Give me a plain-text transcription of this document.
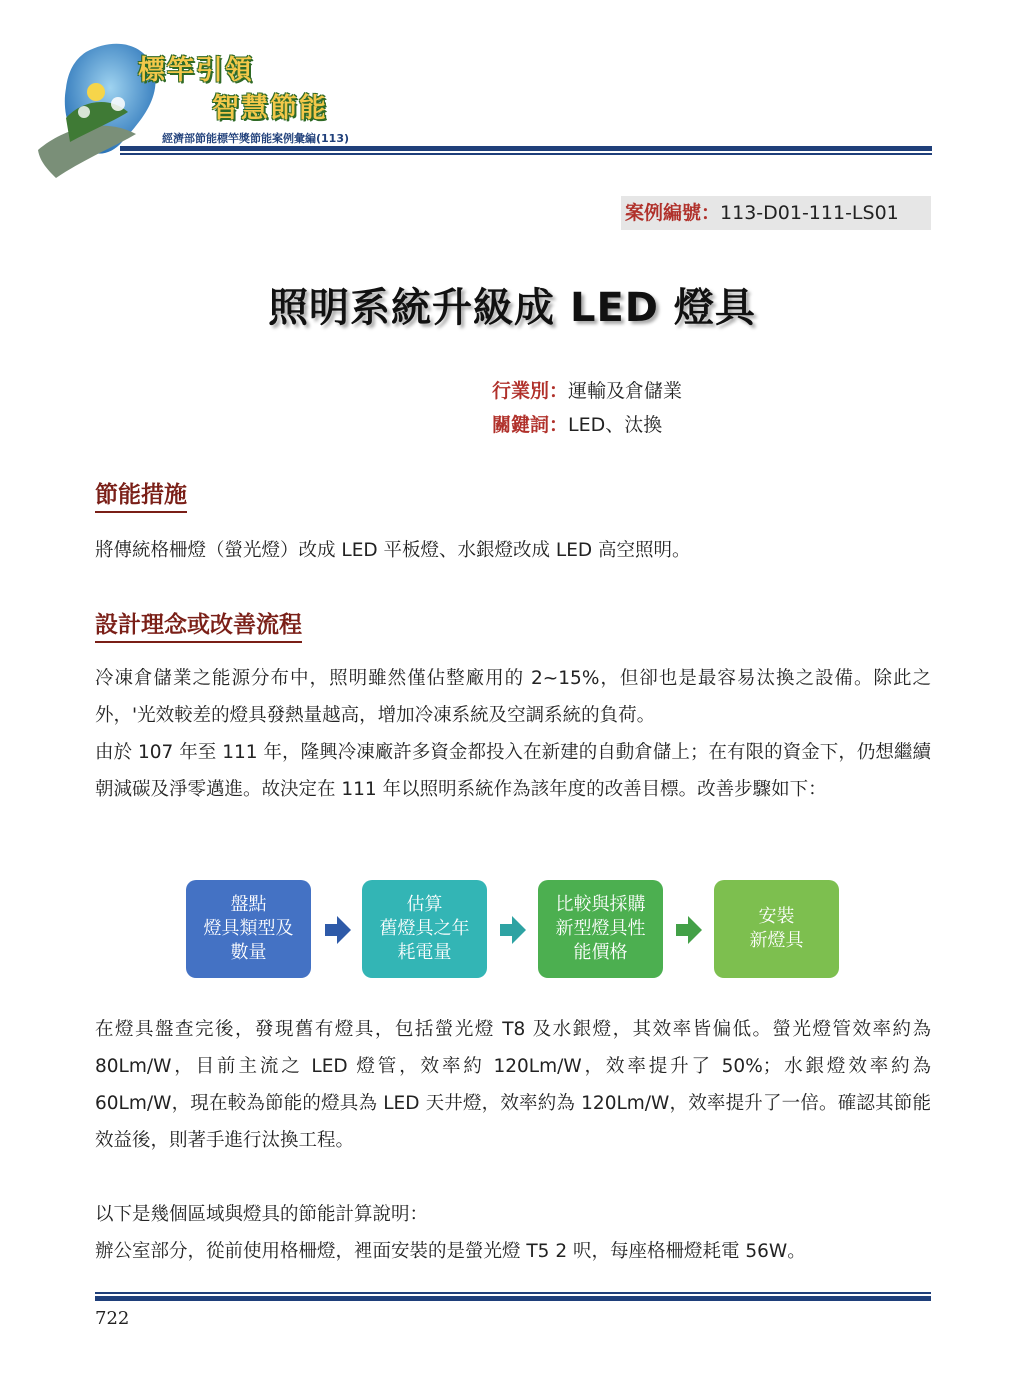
標竿引領
智慧節能
經濟部節能標竿獎節能案例彙編(113)
案例編號：113-D01-111-LS01
照明系統升級成 LED 燈具
行業別：運輸及倉儲業
關鍵詞：LED、汰換
節能措施

將傳統格柵燈（螢光燈）改成 LED 平板燈、水銀燈改成 LED 高空照明。

設計理念或改善流程
冷凍倉儲業之能源分布中，照明雖然僅佔整廠用的 2~15%，但卻也是最容易汰換之設備。除此之外，'光效較差的燈具發熱量越高，增加冷凍系統及空調系統的負荷。
由於 107 年至 111 年，隆興冷凍廠許多資金都投入在新建的自動倉儲上；在有限的資金下，仍想繼續朝減碳及淨零邁進。故決定在 111 年以照明系統作為該年度的改善目標。改善步驟如下：
盤點
燈具類型及
數量
估算
舊燈具之年
耗電量
比較與採購
新型燈具性
能價格
安裝
新燈具

在燈具盤查完後，發現舊有燈具，包括螢光燈 T8 及水銀燈，其效率皆偏低。螢光燈管效率約為 80Lm/W，目前主流之 LED 燈管，效率約 120Lm/W，效率提升了 50%；水銀燈效率約為 60Lm/W，現在較為節能的燈具為 LED 天井燈，效率約為 120Lm/W，效率提升了一倍。確認其節能效益後，則著手進行汰換工程。

以下是幾個區域與燈具的節能計算說明：
辦公室部分，從前使用格柵燈，裡面安裝的是螢光燈 T5 2 呎，每座格柵燈耗電 56W。
722
